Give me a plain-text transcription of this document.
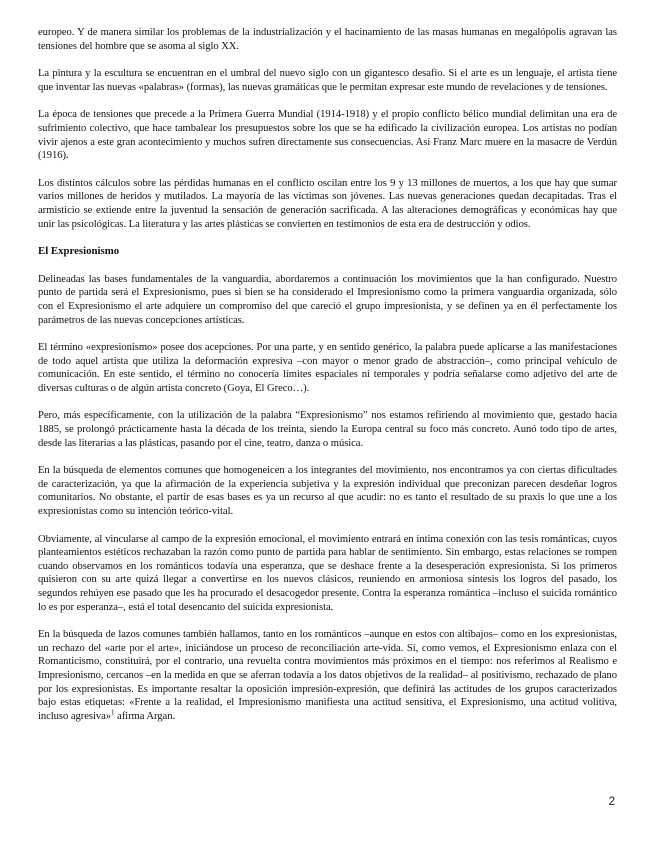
europeo. Y de manera similar los problemas de la industrialización y el hacinamiento de las masas humanas en megalópolis agravan las tensiones del hombre que se asoma al siglo XX.

La pintura y la escultura se encuentran en el umbral del nuevo siglo con un gigantesco desafío. Si el arte es un lenguaje, el artista tiene que inventar las nuevas «palabras» (formas), las nuevas gramáticas que le permitan expresar este mundo de revelaciones y de tensiones.

La época de tensiones que precede a la Primera Guerra Mundial (1914-1918) y el propio conflicto bélico mundial delimitan una era de sufrimiento colectivo, que hace tambalear los presupuestos sobre los que se ha edificado la civilización europea. Los artistas no podían vivir ajenos a este gran acontecimiento y muchos sufren directamente sus consecuencias. Así Franz Marc muere en la masacre de Verdún (1916).

Los distintos cálculos sobre las pérdidas humanas en el conflicto oscilan entre los 9 y 13 millones de muertos, a los que hay que sumar varios millones de heridos y mutilados. La mayoría de las víctimas son jóvenes. Las nuevas generaciones quedan decapitadas. Tras el armisticio se extiende entre la juventud la sensación de generación sacrificada. A las alteraciones demográficas y económicas hay que unir las psicológicas. La literatura y las artes plásticas se convierten en testimonios de esta era de destrucción y odios.

El Expresionismo

Delineadas las bases fundamentales de la vanguardia, abordaremos a continuación los movimientos que la han configurado. Nuestro punto de partida será el Expresionismo, pues si bien se ha considerado el Impresionismo como la primera vanguardia organizada, sólo con el Expresionismo el arte adquiere un compromiso del que careció el grupo impresionista, y se definen ya en él perfectamente los parámetros de las nuevas concepciones artísticas.

El término «expresionismo» posee dos acepciones. Por una parte, y en sentido genérico, la palabra puede aplicarse a las manifestaciones de todo aquel artista que utiliza la deformación expresiva –con mayor o menor grado de abstracción–, como principal vehículo de comunicación. En este sentido, el término no conocería límites espaciales ni temporales y podría señalarse como adjetivo del arte de diversas culturas o de algún artista concreto (Goya, El Greco…).

Pero, más específicamente, con la utilización de la palabra “Expresionismo” nos estamos refiriendo al movimiento que, gestado hacia 1885, se prolongó prácticamente hasta la década de los treinta, siendo la Europa central su foco más concreto. Aunó todo tipo de artes, desde las literarias a las plásticas, pasando por el cine, teatro, danza o música.

En la búsqueda de elementos comunes que homogeneicen a los integrantes del movimiento, nos encontramos ya con ciertas dificultades de caracterización, ya que la afirmación de la experiencia subjetiva y la expresión individual que preconizan parecen desdeñar logros comunitarios. No obstante, el partir de esas bases es ya un recurso al que acudir: no es tanto el resultado de su praxis lo que une a los expresionistas como su intención teórico-vital.

Obviamente, al vincularse al campo de la expresión emocional, el movimiento entrará en íntima conexión con las tesis románticas, cuyos planteamientos estéticos rechazaban la razón como punto de partida para hablar de sentimiento. Sin embargo, estas relaciones se rompen cuando observamos en los románticos todavía una esperanza, que se deshace frente a la desesperación expresionista. Si los primeros quisieron con su arte quizá llegar a convertirse en los nuevos clásicos, reuniendo en armoniosa síntesis los logros del pasado, los segundos rehúyen ese pasado que les ha procurado el desacogedor presente. Contra la esperanza romántica –incluso el suicida romántico lo es por esperanza–, está el total desencanto del suicida expresionista.

En la búsqueda de lazos comunes también hallamos, tanto en los románticos –aunque en estos con altibajos– como en los expresionistas, un rechazo del «arte por el arte», iniciándose un proceso de reconciliación arte-vida. Si, como vemos, el Expresionismo enlaza con el Romanticismo, constituirá, por el contrario, una revuelta contra movimientos más próximos en el tiempo: nos referimos al Realismo e Impresionismo, cercanos –en la medida en que se aferran todavía a los datos objetivos de la realidad– al positivismo, rechazado de plano por los expresionistas. Es importante resaltar la oposición impresión-expresión, que definirá las actitudes de los grupos caracterizados bajo estas etiquetas: «Frente a la realidad, el Impresionismo manifiesta una actitud sensitiva, el Expresionismo, una actitud volitiva, incluso agresiva»$^1$ afirma Argan.

2
